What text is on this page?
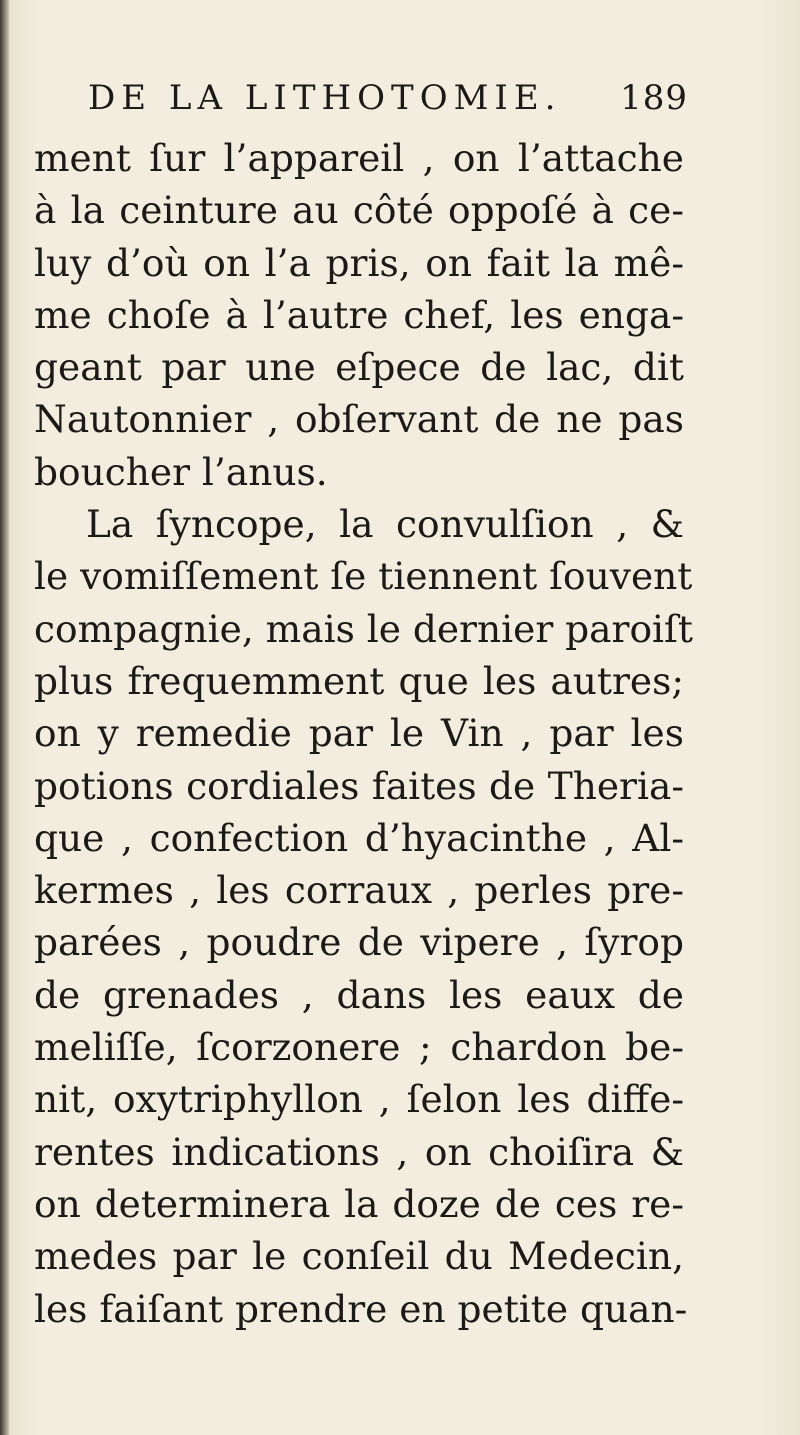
DE LA LITHOTOMIE. 189
ment ſur l’appareil , on l’attache
à la ceinture au côté oppoſé à ce-
luy d’où on l’a pris, on fait la mê-
me choſe à l’autre chef, les enga-
geant par une eſpece de lac, dit
Nautonnier , obſervant de ne pas
boucher l’anus.
La ſyncope, la convulſion , &
le vomiſſement ſe tiennent ſouvent
compagnie, mais le dernier paroiſt
plus frequemment que les autres;
on y remedie par le Vin , par les
potions cordiales faites de Theria-
que , confection d’hyacinthe , Al-
kermes , les corraux , perles pre-
parées , poudre de vipere , ſyrop
de grenades , dans les eaux de
meliſſe, ſcorzonere ; chardon be-
nit, oxytriphyllon , ſelon les diffe-
rentes indications , on choiſira &
on determinera la doze de ces re-
medes par le conſeil du Medecin,
les faiſant prendre en petite quan-
